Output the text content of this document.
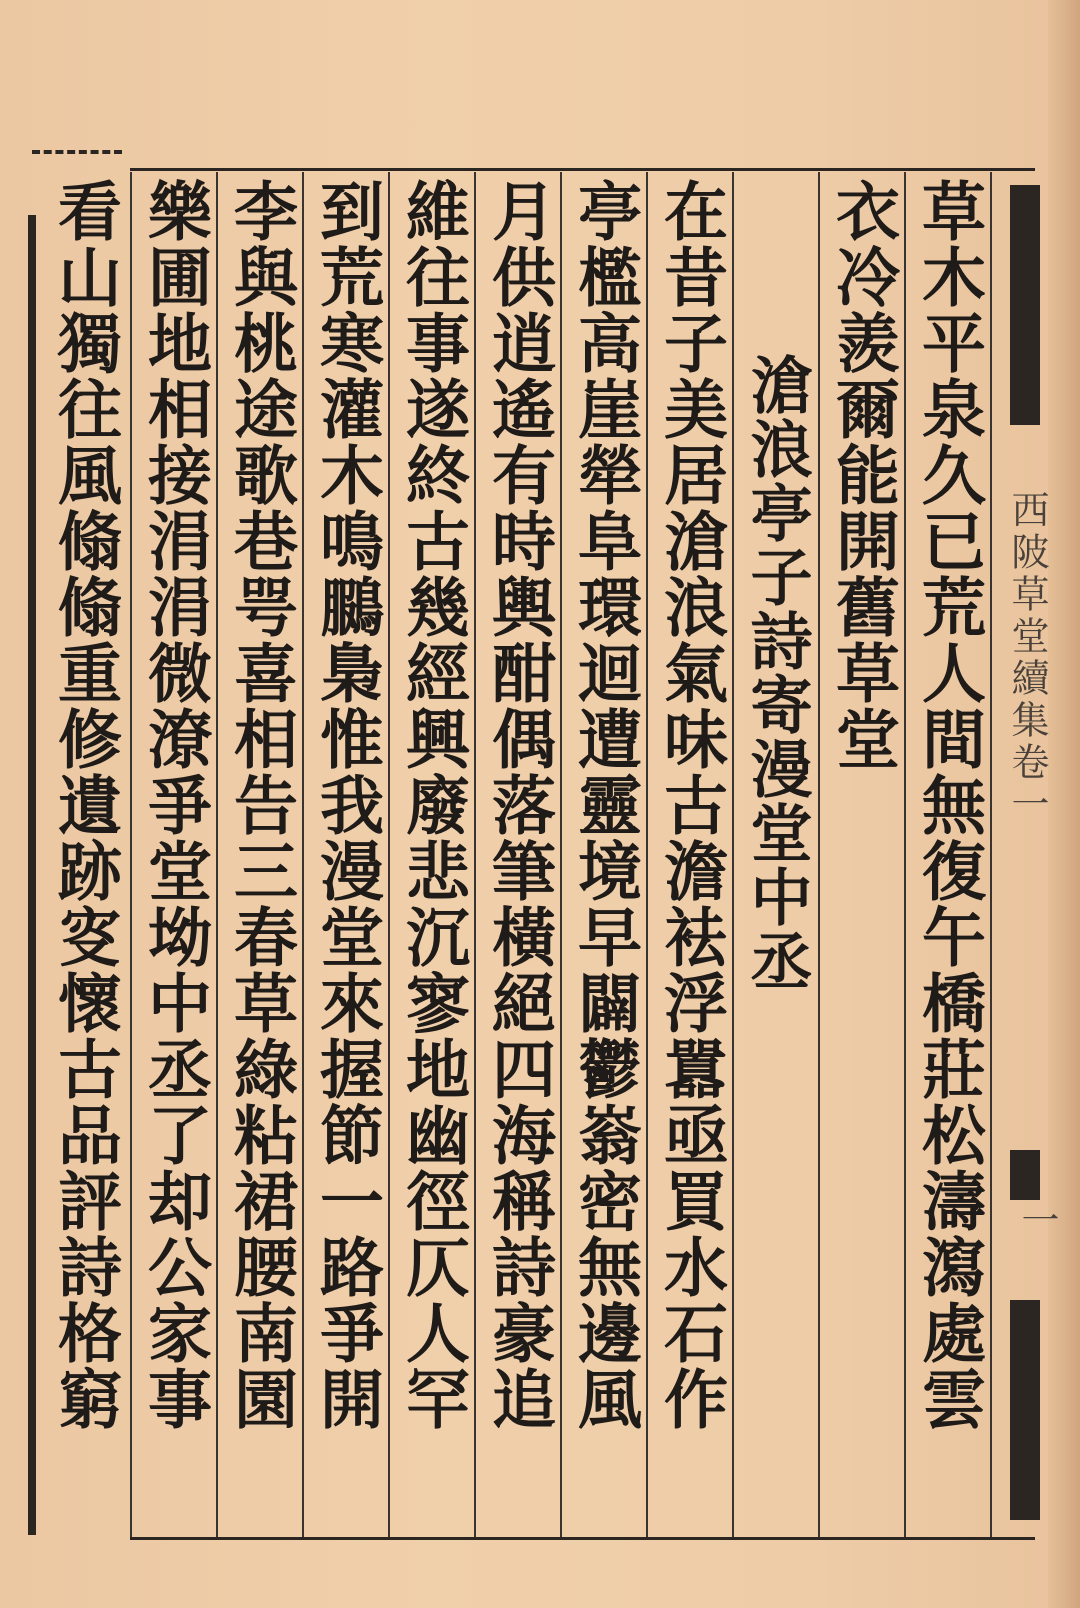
西陂草堂續集卷一
一
草木平泉久已荒人間無復午橋莊松濤瀉處雲
衣冷羨爾能開舊草堂
滄浪亭子詩寄漫堂中丞
在昔子美居滄浪氣味古澹袪浮囂亟買水石作
亭檻高崖犖阜環迴遭靈境早闢鬱嵡密無邊風
月供逍遙有時輿酣偶落筆橫絕四海稱詩豪追
維往事遂終古幾經興廢悲沉寥地幽徑仄人罕
到荒寒灌木鳴鵩梟惟我漫堂來握節一路爭開
李與桃途歌巷咢喜相告三春草綠粘裙腰南園
樂圃地相接涓涓微潦爭堂坳中丞了却公家事
看山獨往風翛翛重修遺跡叜懷古品評詩格窮
